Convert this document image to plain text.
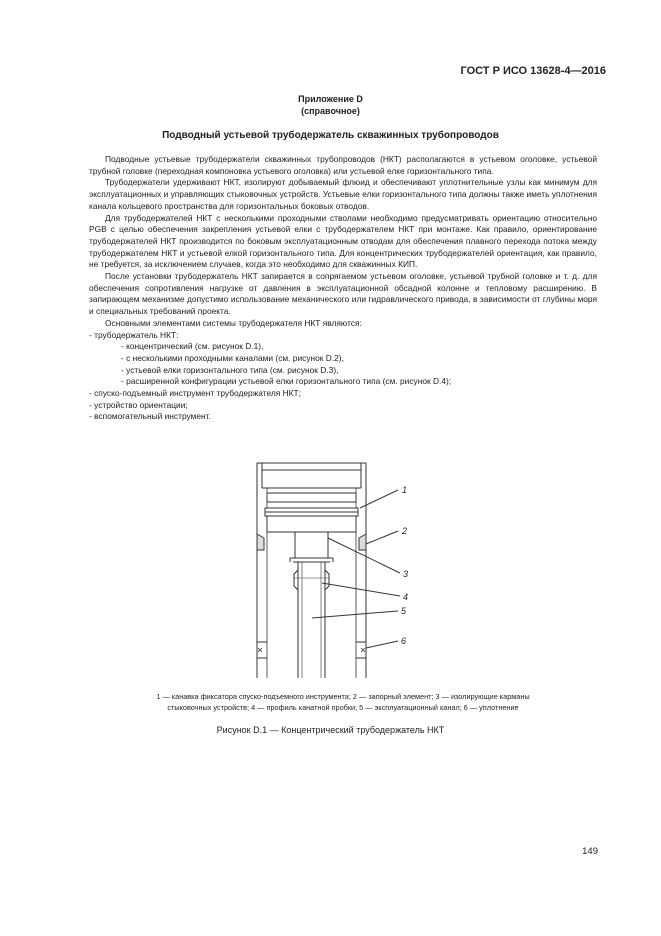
ГОСТ Р ИСО 13628-4—2016
Приложение D
(справочное)
Подводный устьевой трубодержатель скважинных трубопроводов

Подводные устьевые трубодержатели скважинных трубопроводов (НКТ) располагаются в устьевом оголовке, устьевой трубной головке (переходная компоновка устьевого оголовка) или устьевой елке горизонтального типа.

Трубодержатели удерживают НКТ, изолируют добываемый флюид и обеспечивают уплотнительные узлы как минимум для эксплуатационных и управляющих стыковочных устройств. Устьевые елки горизонтального типа должны также иметь уплотнения канала кольцевого пространства для горизонтальных боковых отводов.

Для трубодержателей НКТ с несколькими проходными стволами необходимо предусматривать ориентацию относительно PGB с целью обеспечения закрепления устьевой елки с трубодержателем НКТ при монтаже. Как правило, ориентирование трубодержателей НКТ производится по боковым эксплуатационным отводам для обеспечения плавного перехода потока между трубодержателем НКТ и устьевой елкой горизонтального типа. Для концентрических трубодержателей ориентация, как правило, не требуется, за исключением случаев, когда это необходимо для скважинных КИП.

После установки трубодержатель НКТ запирается в сопрягаемом устьевом оголовке, устьевой трубной головке и т. д. для обеспечения сопротивления нагрузке от давления в эксплуатационной обсадной колонне и тепловому расширению. В запирающем механизме допустимо использование механического или гидравлического привода, в зависимости от глубины моря и специальных требований проекта.

Основными элементами системы трубодержателя НКТ являются:

- трубодержатель НКТ:

- концентрический (см. рисунок D.1),

- с несколькими проходными каналами (см. рисунок D.2),

- устьевой елки горизонтального типа (см. рисунок D.3),

- расширенной конфигурации устьевой елки горизонтального типа (см. рисунок D.4);

- спуско-подъемный инструмент трубодержателя НКТ;

- устройство ориентации;

- вспомогательный инструмент.

1
2
3
4
5
6
1 — канавка фиксатора спуско-подъемного инструмента; 2 — запорный элемент; 3 — изолирующие карманы
стыковочных устройств; 4 — профиль канатной пробки; 5 — эксплуатационный канал; 6 — уплотнение
Рисунок D.1 — Концентрический трубодержатель НКТ
149
